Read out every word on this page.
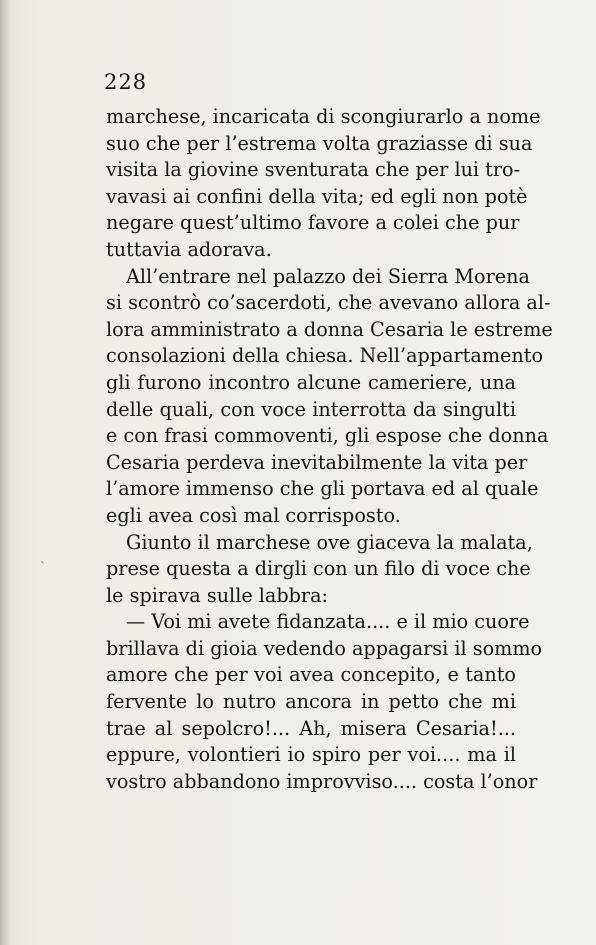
228
`
marchese, incaricata di scongiurarlo a nome
suo che per l’estrema volta graziasse di sua
visita la giovine sventurata che per lui tro-
vavasi ai confini della vita; ed egli non potè
negare quest’ultimo favore a colei che pur
tuttavia adorava.
All’entrare nel palazzo dei Sierra Morena
si scontrò co’sacerdoti, che avevano allora al-
lora amministrato a donna Cesaria le estreme
consolazioni della chiesa. Nell’appartamento
gli furono incontro alcune cameriere, una
delle quali, con voce interrotta da singulti
e con frasi commoventi, gli espose che donna
Cesaria perdeva inevitabilmente la vita per
l’amore immenso che gli portava ed al quale
egli avea così mal corrisposto.
Giunto il marchese ove giaceva la malata,
prese questa a dirgli con un filo di voce che
le spirava sulle labbra:
— Voi mi avete fidanzata.... e il mio cuore
brillava di gioia vedendo appagarsi il sommo
amore che per voi avea concepito, e tanto
fervente lo nutro ancora in petto che mi
trae al sepolcro!... Ah, misera Cesaria!...
eppure, volontieri io spiro per voi.... ma il
vostro abbandono improvviso.... costa l’onor
